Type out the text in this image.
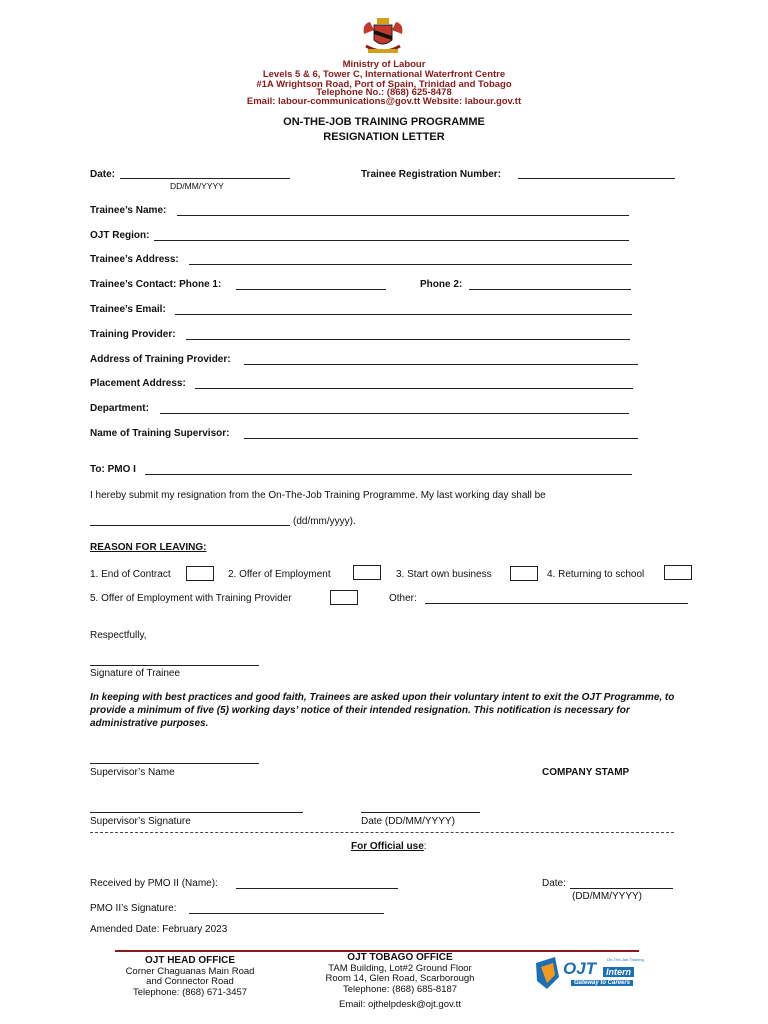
Ministry of Labour
Levels 5 & 6, Tower C, International Waterfront Centre
#1A Wrightson Road, Port of Spain, Trinidad and Tobago
Telephone No.: (868) 625-8478
Email: labour-communications@gov.tt Website: labour.gov.tt
ON-THE-JOB TRAINING PROGRAMME
RESIGNATION LETTER
Date:
DD/MM/YYYY
Trainee Registration Number:
Trainee’s Name:
OJT Region:
Trainee’s Address:
Trainee’s Contact: Phone 1:	Phone 2:
Trainee’s Email:
Training Provider:
Address of Training Provider:
Placement Address:
Department:
Name of Training Supervisor:
To: PMO I
I hereby submit my resignation from the On-The-Job Training Programme. My last working day shall be
(dd/mm/yyyy).
REASON FOR LEAVING:
1. End of Contract	2. Offer of Employment	3. Start own business	4. Returning to school
5. Offer of Employment with Training Provider	Other:
Respectfully,
Signature of Trainee
In keeping with best practices and good faith, Trainees are asked upon their voluntary intent to exit the OJT Programme, to provide a minimum of five (5) working days’ notice of their intended resignation. This notification is necessary for administrative purposes.
Supervisor’s Name	COMPANY STAMP
Supervisor’s Signature	Date (DD/MM/YYYY)
For Official use:
Received by PMO II (Name):	Date:
(DD/MM/YYYY)
PMO II’s Signature:
Amended Date: February 2023
OJT HEAD OFFICE
Corner Chaguanas Main Road
and Connector Road
Telephone: (868) 671-3457
OJT TOBAGO OFFICE
TAM Building, Lot#2 Ground Floor
Room 14, Glen Road, Scarborough
Telephone: (868) 685-8187
Email: ojthelpdesk@ojt.gov.tt
OJT	Intern
On-The-Job Training
Gateway to Careers
